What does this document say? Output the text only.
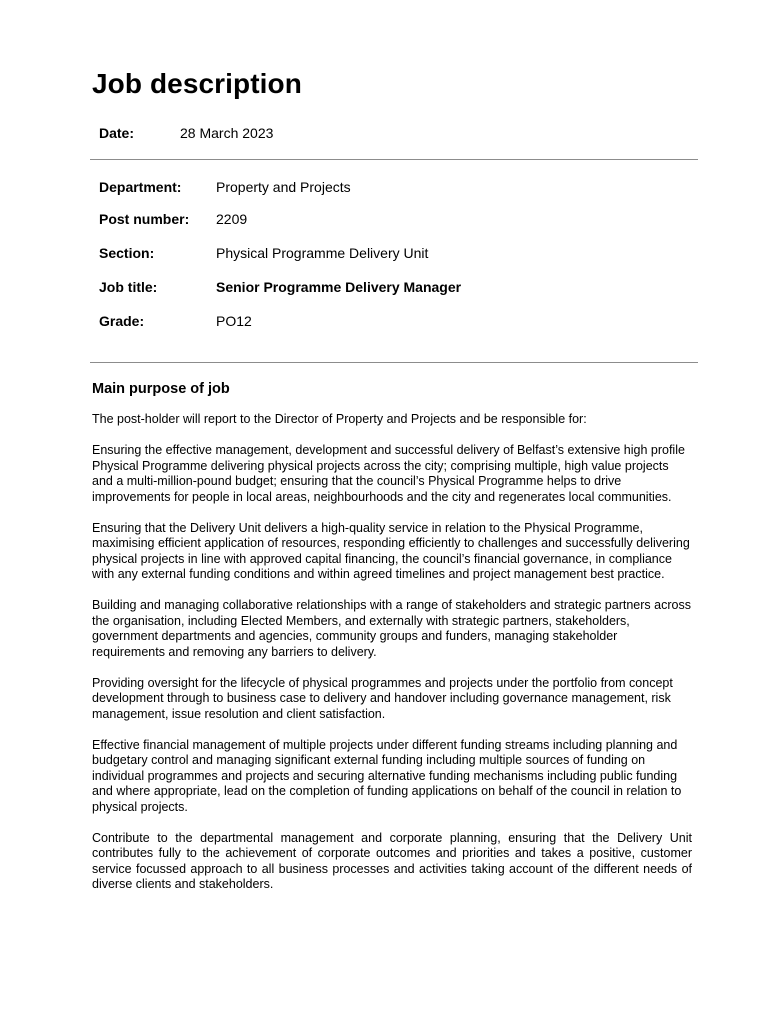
Job description
Date:	28 March 2023
Department: Property and Projects
Post number: 2209
Section:	Physical Programme Delivery Unit
Job title:	Senior Programme Delivery Manager
Grade:	PO12
Main purpose of job

The post-holder will report to the Director of Property and Projects and be responsible for:

Ensuring the effective management, development and successful delivery of Belfast’s extensive high profile Physical Programme delivering physical projects across the city; comprising multiple, high value projects and a multi-million-pound budget; ensuring that the council’s Physical Programme helps to drive improvements for people in local areas, neighbourhoods and the city and regenerates local communities.

Ensuring that the Delivery Unit delivers a high-quality service in relation to the Physical Programme, maximising efficient application of resources, responding efficiently to challenges and successfully delivering physical projects in line with approved capital financing, the council’s financial governance, in compliance with any external funding conditions and within agreed timelines and project management best practice.

Building and managing collaborative relationships with a range of stakeholders and strategic partners across the organisation, including Elected Members, and externally with strategic partners, stakeholders, government departments and agencies, community groups and funders, managing stakeholder requirements and removing any barriers to delivery.

Providing oversight for the lifecycle of physical programmes and projects under the portfolio from concept development through to business case to delivery and handover including governance management, risk management, issue resolution and client satisfaction.

Effective financial management of multiple projects under different funding streams including planning and budgetary control and managing significant external funding including multiple sources of funding on individual programmes and projects and securing alternative funding mechanisms including public funding and where appropriate, lead on the completion of funding applications on behalf of the council in relation to physical projects.

Contribute to the departmental management and corporate planning, ensuring that the Delivery Unit contributes fully to the achievement of corporate outcomes and priorities and takes a positive, customer service focussed approach to all business processes and activities taking account of the different needs of diverse clients and stakeholders.
